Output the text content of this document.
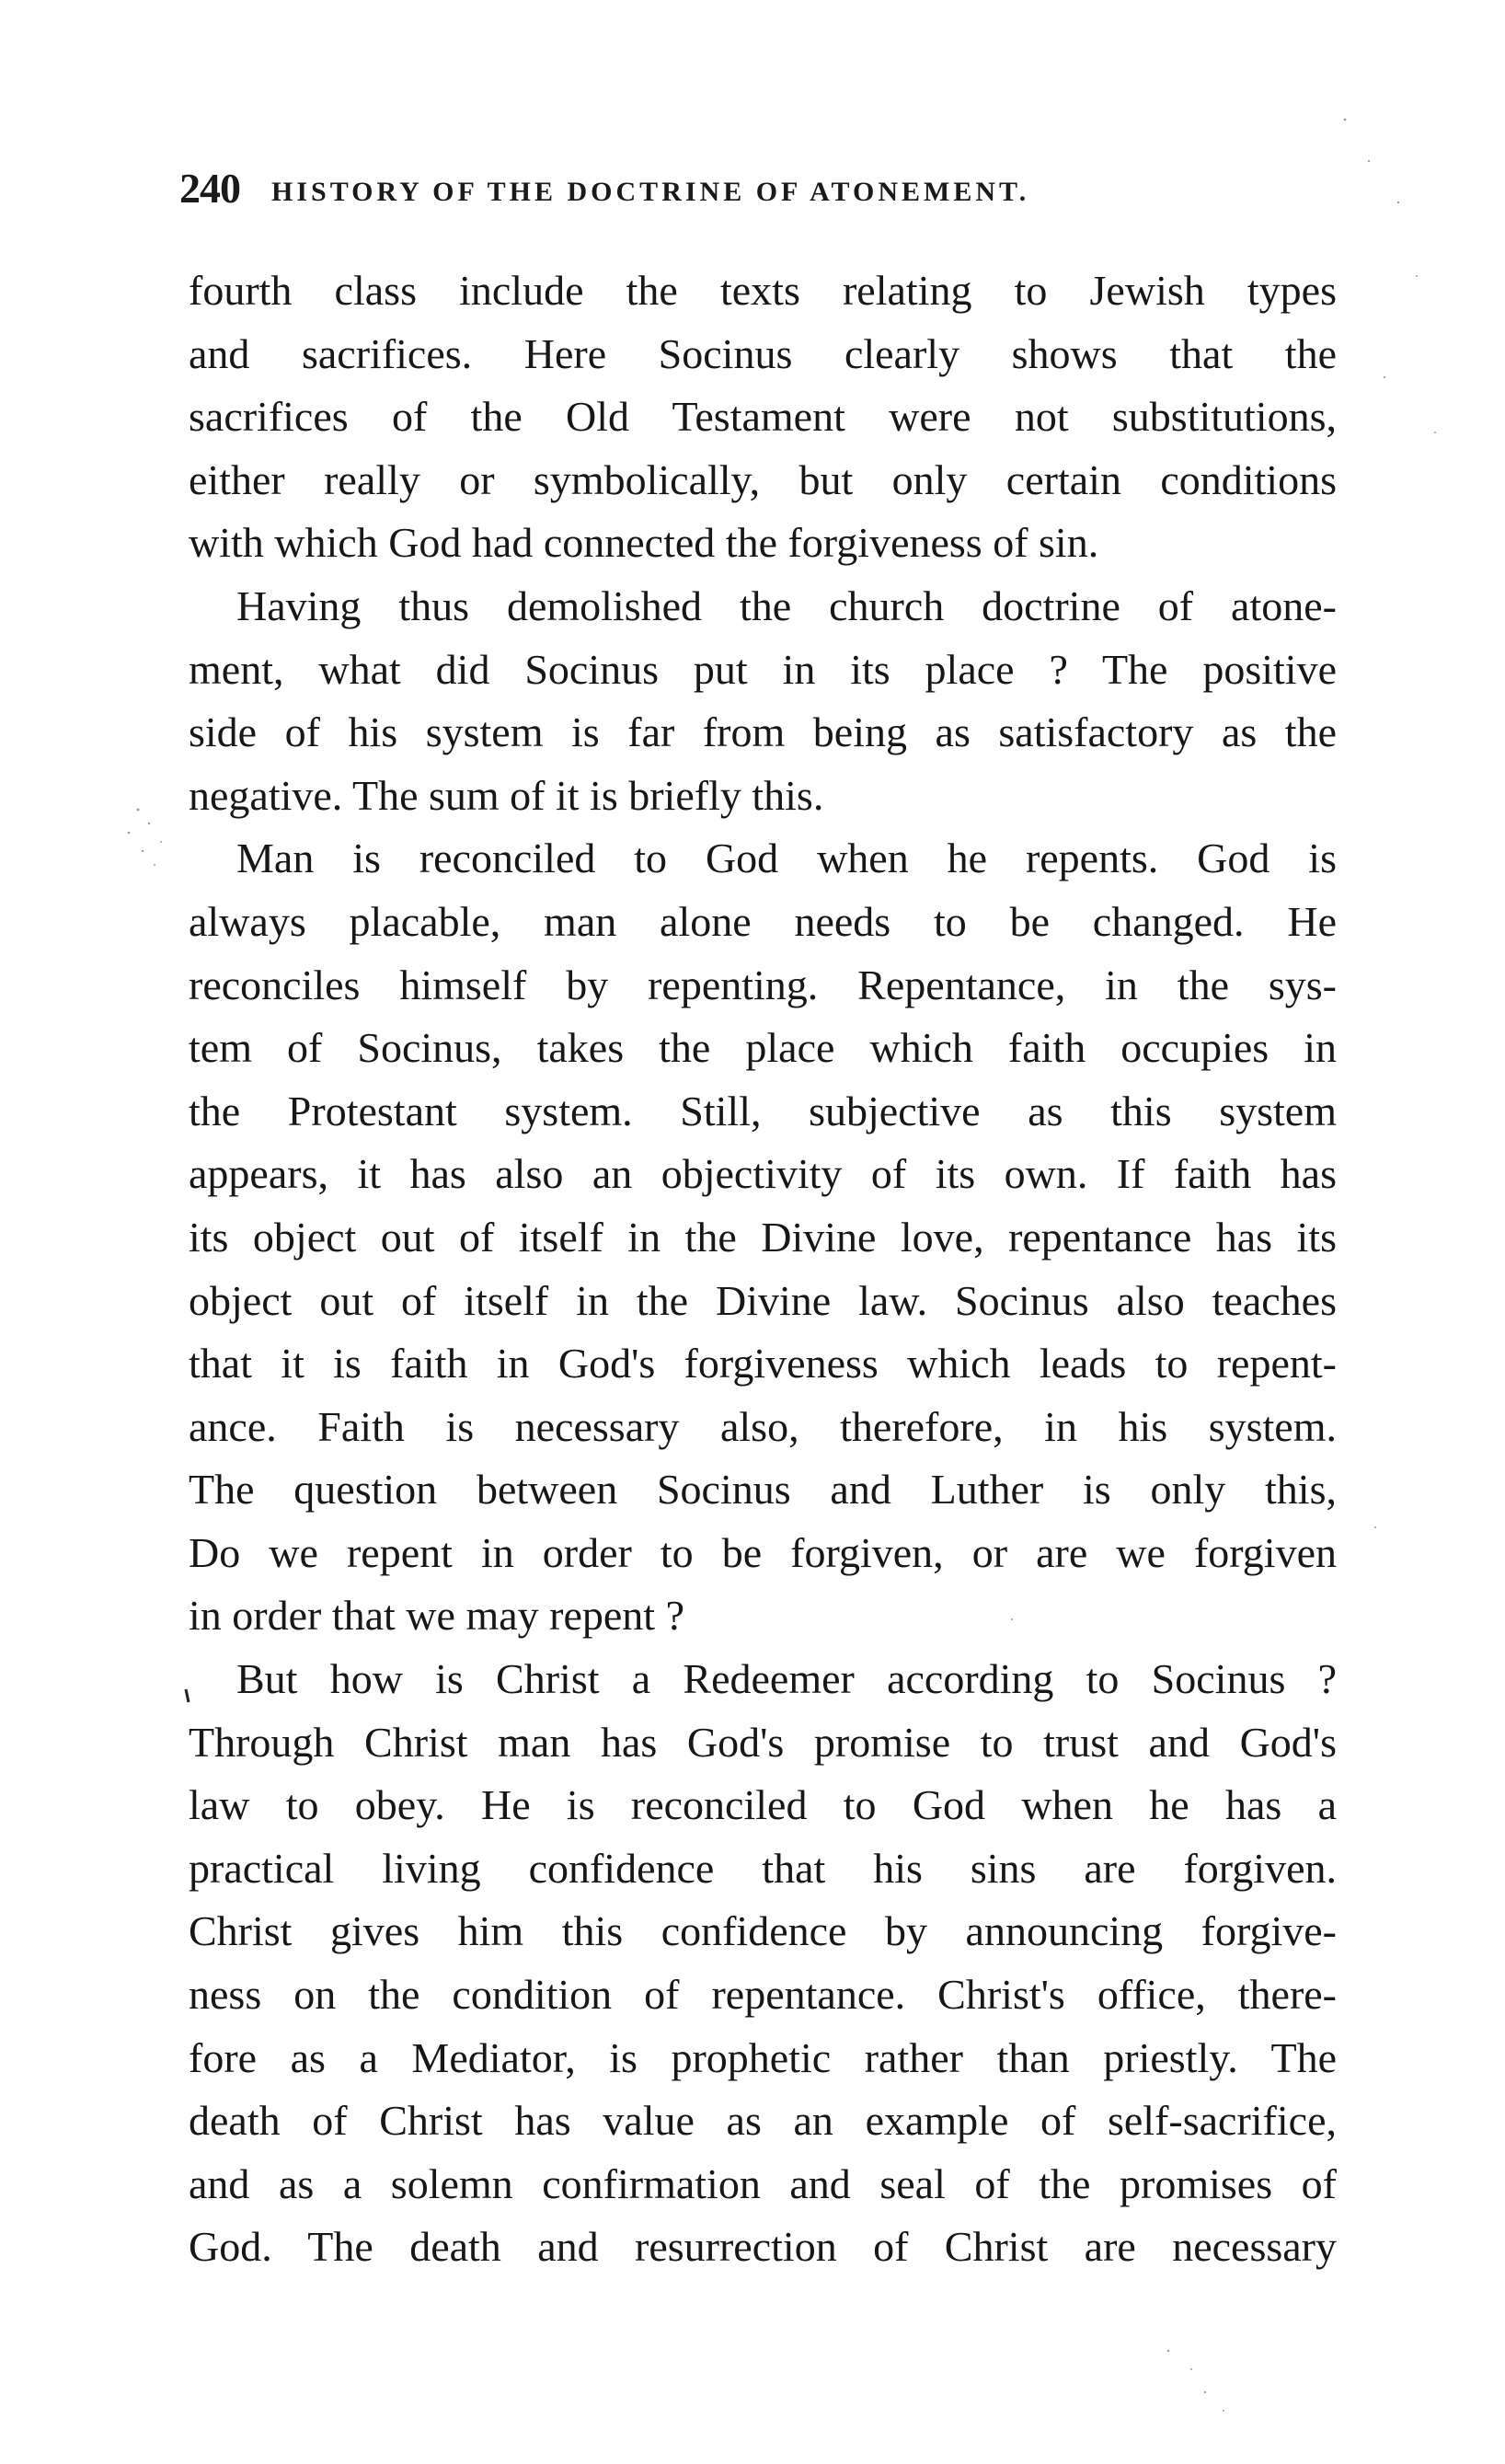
240 HISTORY OF THE DOCTRINE OF ATONEMENT.
fourth class include the texts relating to Jewish types
and sacrifices. Here Socinus clearly shows that the
sacrifices of the Old Testament were not substitutions,
either really or symbolically, but only certain conditions
with which God had connected the forgiveness of sin.
Having thus demolished the church doctrine of atone-
ment, what did Socinus put in its place ? The positive
side of his system is far from being as satisfactory as the
negative. The sum of it is briefly this.
Man is reconciled to God when he repents. God is
always placable, man alone needs to be changed. He
reconciles himself by repenting. Repentance, in the sys-
tem of Socinus, takes the place which faith occupies in
the Protestant system. Still, subjective as this system
appears, it has also an objectivity of its own. If faith has
its object out of itself in the Divine love, repentance has its
object out of itself in the Divine law. Socinus also teaches
that it is faith in God's forgiveness which leads to repent-
ance. Faith is necessary also, therefore, in his system.
The question between Socinus and Luther is only this,
Do we repent in order to be forgiven, or are we forgiven
in order that we may repent ?
But how is Christ a Redeemer according to Socinus ?
Through Christ man has God's promise to trust and God's
law to obey. He is reconciled to God when he has a
practical living confidence that his sins are forgiven.
Christ gives him this confidence by announcing forgive-
ness on the condition of repentance. Christ's office, there-
fore as a Mediator, is prophetic rather than priestly. The
death of Christ has value as an example of self-sacrifice,
and as a solemn confirmation and seal of the promises of
God. The death and resurrection of Christ are necessary
